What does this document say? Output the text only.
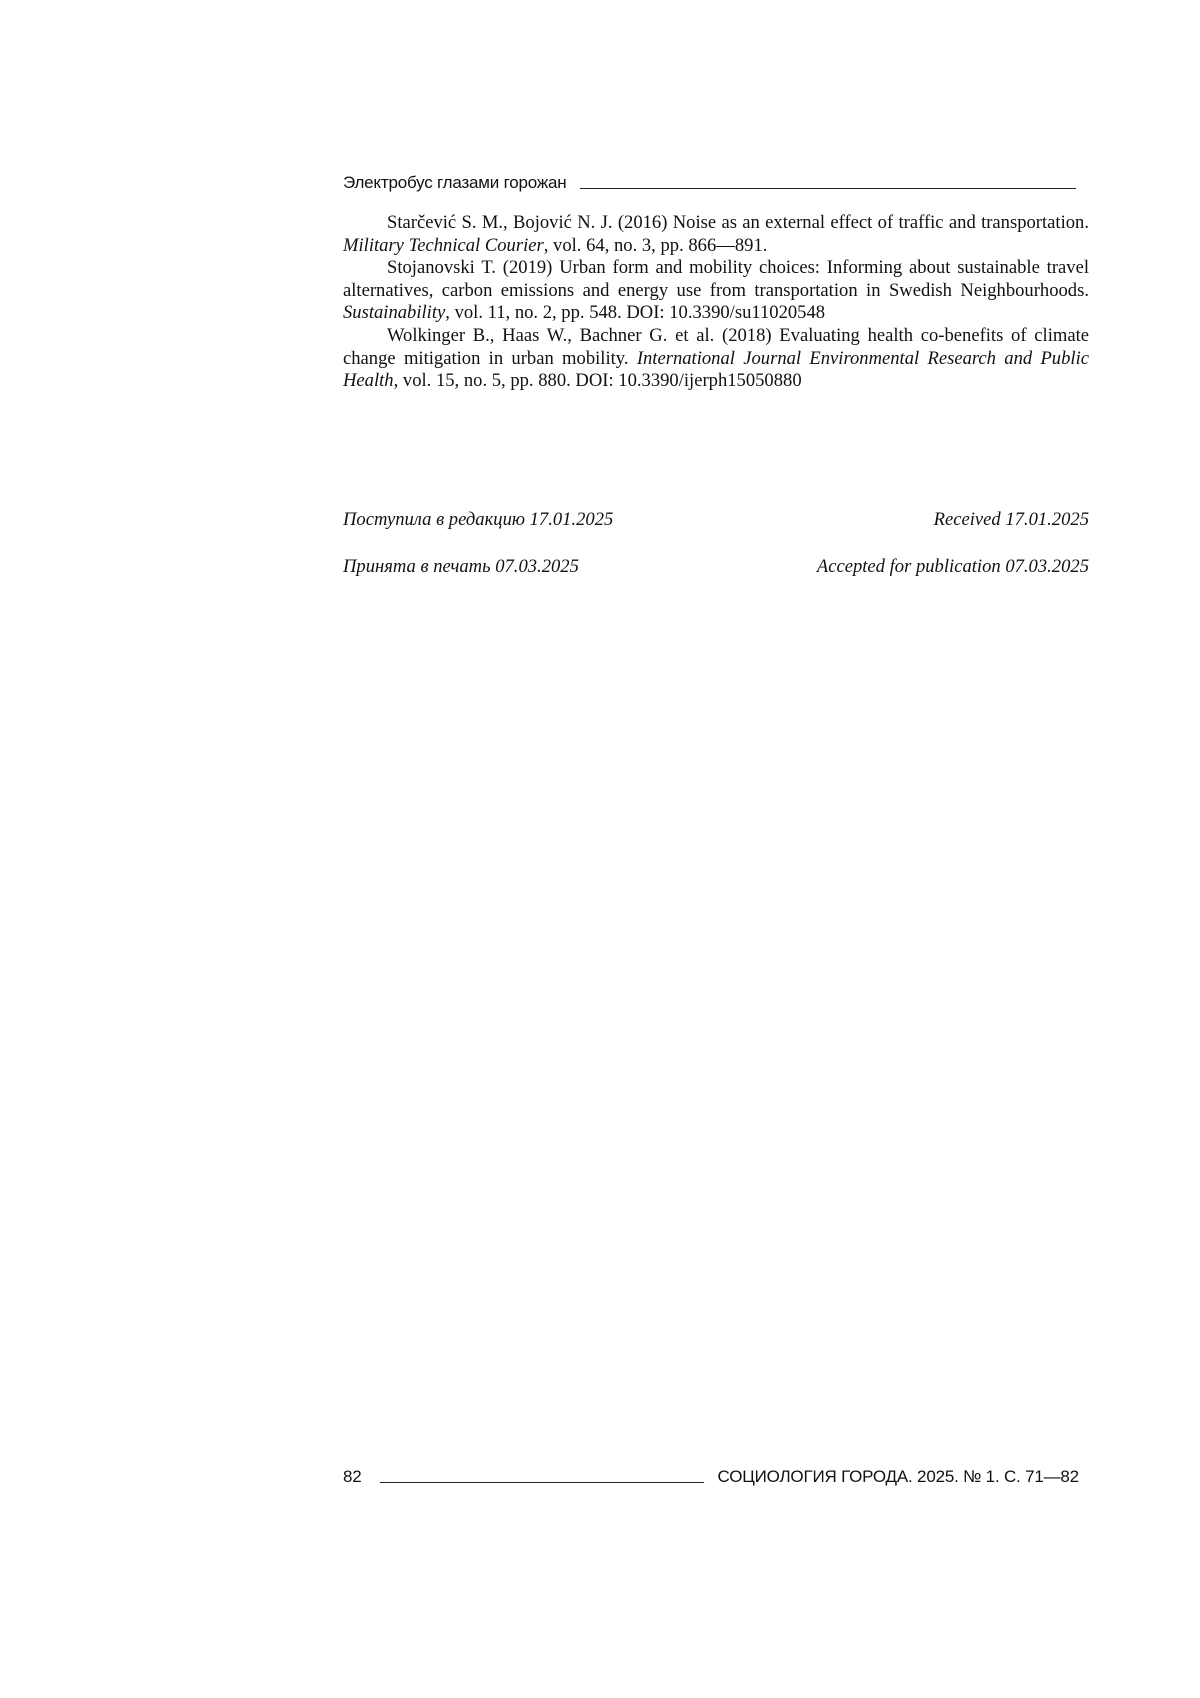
Электробус глазами горожан

Starčević S. M., Bojović N. J. (2016) Noise as an external effect of traffic and transportation. Military Technical Courier, vol. 64, no. 3, pp. 866—891.

Stojanovski T. (2019) Urban form and mobility choices: Informing about sustainable travel alternatives, carbon emissions and energy use from transportation in Swedish Neighbourhoods. Sustainability, vol. 11, no. 2, pp. 548. DOI: 10.3390/su11020548

Wolkinger B., Haas W., Bachner G. et al. (2018) Evaluating health co-benefits of climate change mitigation in urban mobility. International Journal Environmental Research and Public Health, vol. 15, no. 5, pp. 880. DOI: 10.3390/ijerph15050880

Поступила в редакцию 17.01.2025	Received 17.01.2025
Принята в печать 07.03.2025	Accepted for publication 07.03.2025
82	СОЦИОЛОГИЯ ГОРОДА. 2025. № 1. С. 71—82
